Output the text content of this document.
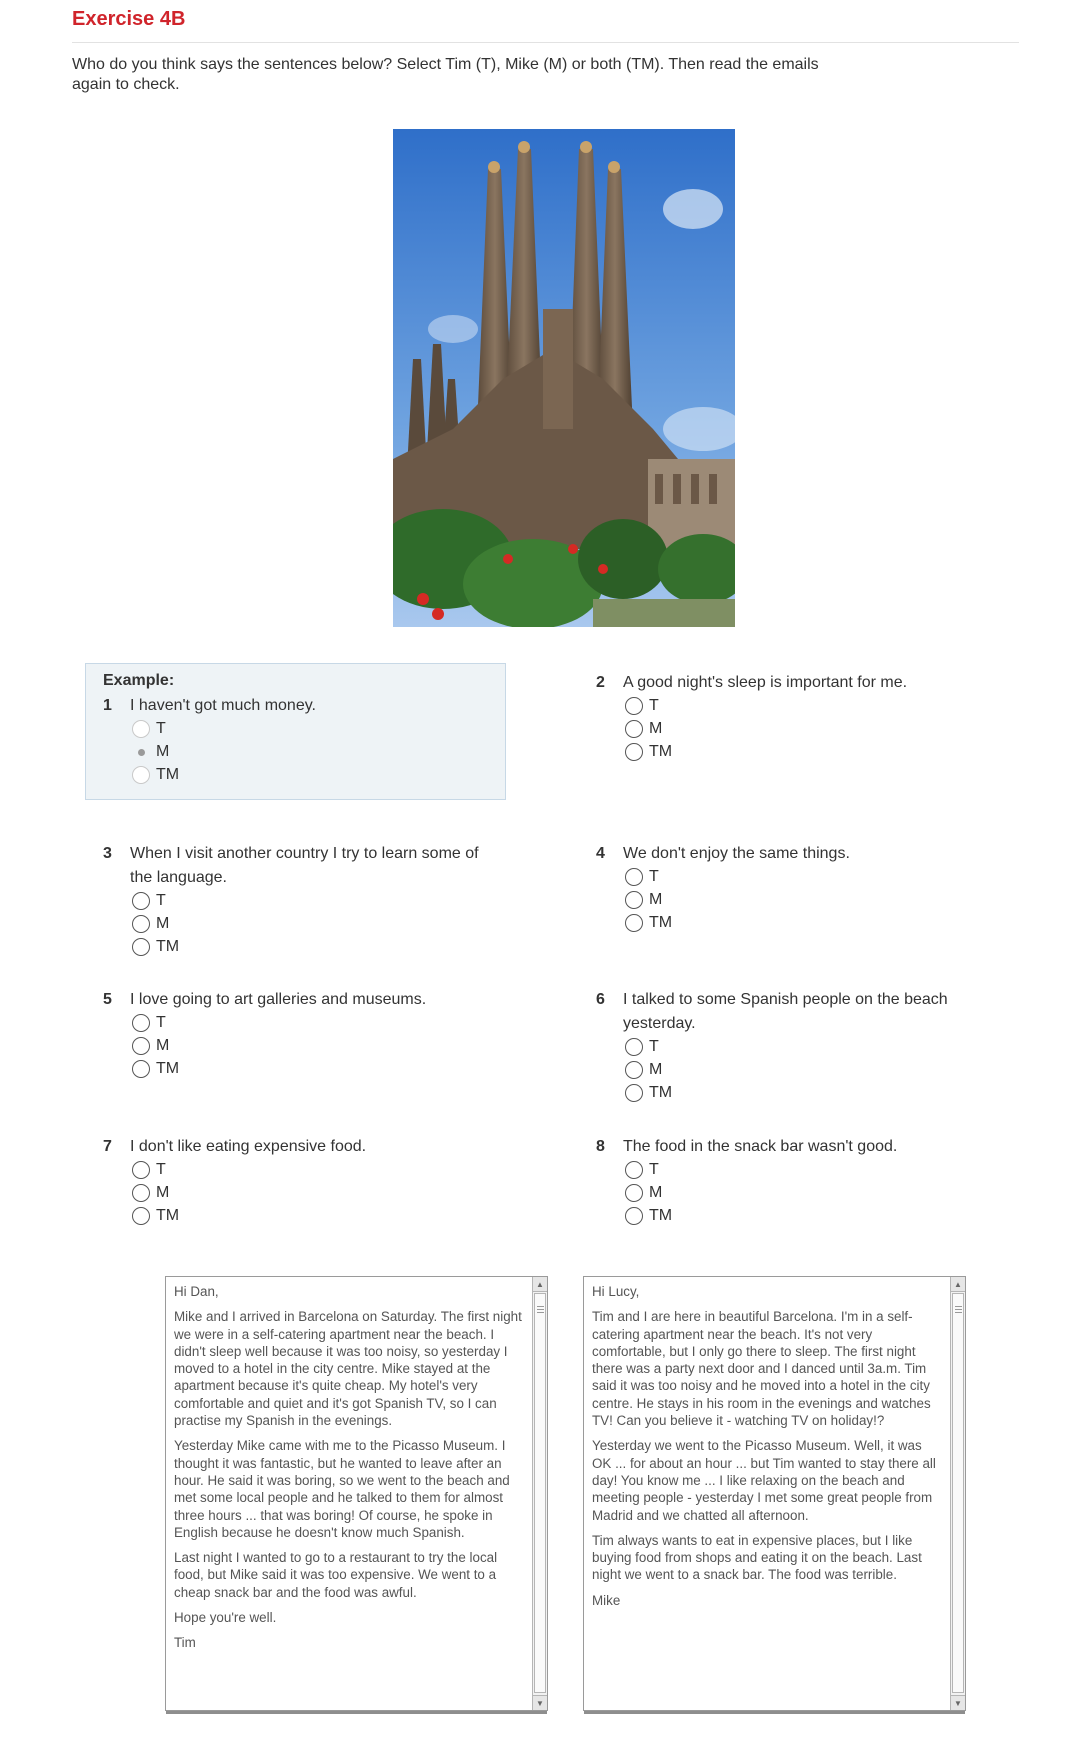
Exercise 4B
Who do you think says the sentences below? Select Tim (T), Mike (M) or both (TM). Then read the emails again to check.
Example:
1	I haven't got much money.
T
M
TM
2	A good night's sleep is important for me.
T
M
TM
3	When I visit another country I try to learn some of
the language.
T
M
TM
4	We don't enjoy the same things.
T
M
TM
5	I love going to art galleries and museums.
T
M
TM
6	I talked to some Spanish people on the beach
yesterday.
T
M
TM
7	I don't like eating expensive food.
T
M
TM
8	The food in the snack bar wasn't good.
T
M
TM

Hi Dan,

Mike and I arrived in Barcelona on Saturday. The first night we were in a self-catering apartment near the beach. I didn't sleep well because it was too noisy, so yesterday I moved to a hotel in the city centre. Mike stayed at the apartment because it's quite cheap. My hotel's very comfortable and quiet and it's got Spanish TV, so I can practise my Spanish in the evenings.

Yesterday Mike came with me to the Picasso Museum. I thought it was fantastic, but he wanted to leave after an hour. He said it was boring, so we went to the beach and met some local people and he talked to them for almost three hours ... that was boring! Of course, he spoke in English because he doesn't know much Spanish.

Last night I wanted to go to a restaurant to try the local food, but Mike said it was too expensive. We went to a cheap snack bar and the food was awful.

Hope you're well.

Tim

▲
▼

Hi Lucy,

Tim and I are here in beautiful Barcelona. I'm in a self-catering apartment near the beach. It's not very comfortable, but I only go there to sleep. The first night there was a party next door and I danced until 3a.m. Tim said it was too noisy and he moved into a hotel in the city centre. He stays in his room in the evenings and watches TV! Can you believe it - watching TV on holiday!?

Yesterday we went to the Picasso Museum. Well, it was OK ... for about an hour ... but Tim wanted to stay there all day! You know me ... I like relaxing on the beach and meeting people - yesterday I met some great people from Madrid and we chatted all afternoon.

Tim always wants to eat in expensive places, but I like buying food from shops and eating it on the beach. Last night we went to a snack bar. The food was terrible.

Mike

▲
▼
